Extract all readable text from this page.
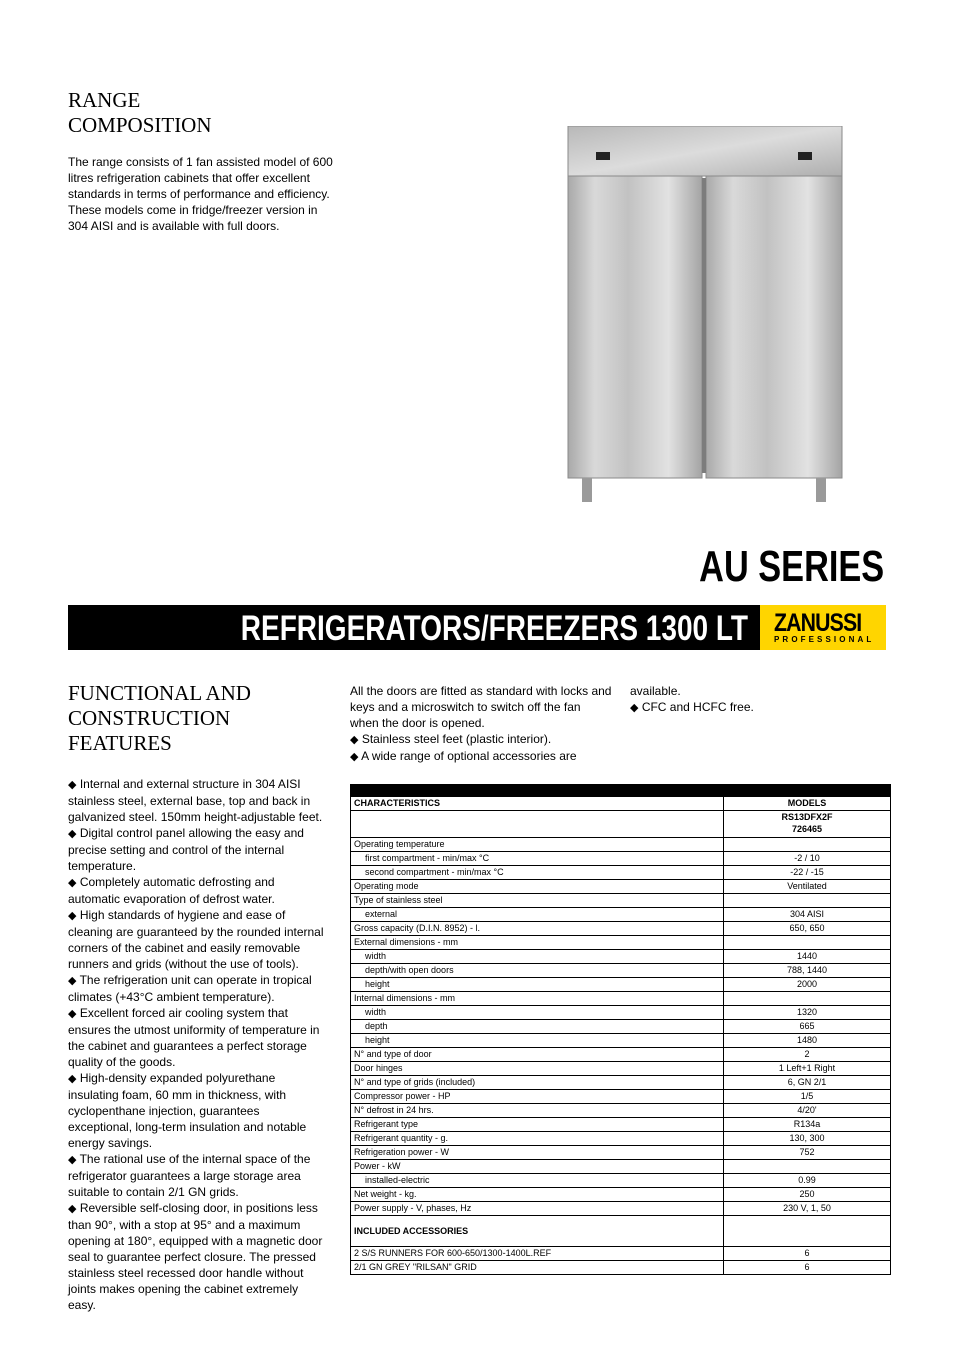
RANGE
COMPOSITION
The range consists of 1 fan assisted model of 600 litres refrigeration cabinets that offer excellent standards in terms of performance and efficiency. These models come in fridge/freezer version in 304 AISI and is available with full doors.
AU SERIES
REFRIGERATORS/FREEZERS 1300 LT ZANUSSI
PROFESSIONAL
FUNCTIONAL AND
CONSTRUCTION
FEATURES
◆ Internal and external structure in 304 AISI stainless steel, external base, top and back in galvanized steel. 150mm height-adjustable feet.
◆ Digital control panel allowing the easy and precise setting and control of the internal temperature.
◆ Completely automatic defrosting and automatic evaporation of defrost water.
◆ High standards of hygiene and ease of cleaning are guaranteed by the rounded internal corners of the cabinet and easily removable runners and grids (without the use of tools).
◆ The refrigeration unit can operate in tropical climates (+43°C ambient temperature).
◆ Excellent forced air cooling system that ensures the utmost uniformity of temperature in the cabinet and guarantees a perfect storage quality of the goods.
◆ High-density expanded polyurethane insulating foam, 60 mm in thickness, with cyclopenthane injection, guarantees exceptional, long-term insulation and notable energy savings.
◆ The rational use of the internal space of the refrigerator guarantees a large storage area suitable to contain 2/1 GN grids.
◆ Reversible self-closing door, in positions less than 90°, with a stop at 95° and a maximum opening at 180°, equipped with a magnetic door seal to guarantee perfect closure. The pressed stainless steel recessed door handle without joints makes opening the cabinet extremely easy.
All the doors are fitted as standard with locks and keys and a microswitch to switch off the fan when the door is opened.
◆ Stainless steel feet (plastic interior).
◆ A wide range of optional accessories are
available.
◆ CFC and HCFC free.

CHARACTERISTICS	MODELS

	RS13DFX2F
726465

Operating temperature	
first compartment - min/max °C	-2 / 10
second compartment - min/max °C	-22 / -15
Operating mode	Ventilated
Type of stainless steel	
external	304 AISI
Gross capacity (D.I.N. 8952) - l.	650, 650
External dimensions - mm	
width	1440
depth/with open doors	788, 1440
height	2000
Internal dimensions - mm	
width	1320
depth	665
height	1480
N° and type of door	2
Door hinges	1 Left+1 Right
N° and type of grids (included)	6, GN 2/1
Compressor power - HP	1/5
N° defrost in 24 hrs.	4/20'
Refrigerant type	R134a
Refrigerant quantity - g.	130, 300
Refrigeration power - W	752
Power - kW	
installed-electric	0.99
Net weight - kg.	250
Power supply - V, phases, Hz	230 V, 1, 50
INCLUDED ACCESSORIES	
2 S/S RUNNERS FOR 600-650/1300-1400L.REF	6
2/1 GN GREY "RILSAN" GRID	6
